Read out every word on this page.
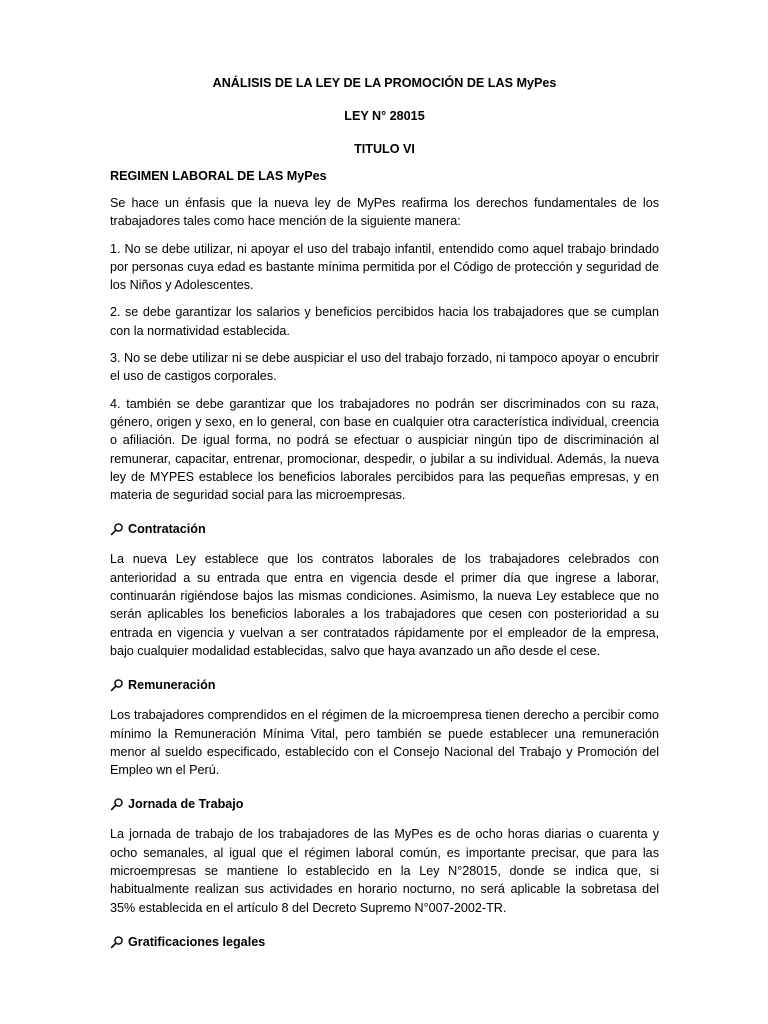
ANÁLISIS DE LA LEY DE LA PROMOCIÓN DE LAS MyPes
LEY N° 28015
TITULO VI
REGIMEN LABORAL DE LAS MyPes

Se hace un énfasis que la nueva ley de MyPes reafirma los derechos fundamentales de los trabajadores tales como hace mención de la siguiente manera:

1. No se debe utilizar, ni apoyar el uso del trabajo infantil, entendido como aquel trabajo brindado por personas cuya edad es bastante mínima permitida por el Código de protección y seguridad de los Niños y Adolescentes.

2. se debe garantizar los salarios y beneficios percibidos hacia los trabajadores que se cumplan con la normatividad establecida.

3. No se debe utilizar ni se debe auspiciar el uso del trabajo forzado, ni tampoco apoyar o encubrir el uso de castigos corporales.

4. también se debe garantizar que los trabajadores no podrán ser discriminados con su raza, género, origen y sexo, en lo general, con base en cualquier otra característica individual, creencia o afiliación. De igual forma, no podrá se efectuar o auspiciar ningún tipo de discriminación al remunerar, capacitar, entrenar, promocionar, despedir, o jubilar a su individual. Además, la nueva ley de MYPES establece los beneficios laborales percibidos para las pequeñas empresas, y en materia de seguridad social para las microempresas.

Contratación

La nueva Ley establece que los contratos laborales de los trabajadores celebrados con anterioridad a su entrada que entra en vigencia desde el primer día que ingrese a laborar, continuarán rigiéndose bajos las mismas condiciones. Asimismo, la nueva Ley establece que no serán aplicables los beneficios laborales a los trabajadores que cesen con posterioridad a su entrada en vigencia y vuelvan a ser contratados rápidamente por el empleador de la empresa, bajo cualquier modalidad establecidas, salvo que haya avanzado un año desde el cese.

Remuneración

Los trabajadores comprendidos en el régimen de la microempresa tienen derecho a percibir como mínimo la Remuneración Mínima Vital, pero también se puede establecer una remuneración menor al sueldo especificado, establecido con el Consejo Nacional del Trabajo y Promoción del Empleo wn el Perú.

Jornada de Trabajo

La jornada de trabajo de los trabajadores de las MyPes es de ocho horas diarias o cuarenta y ocho semanales, al igual que el régimen laboral común, es importante precisar, que para las microempresas se mantiene lo establecido en la Ley N°28015, donde se indica que, si habitualmente realizan sus actividades en horario nocturno, no será aplicable la sobretasa del 35% establecida en el artículo 8 del Decreto Supremo N°007-2002-TR.

Gratificaciones legales
